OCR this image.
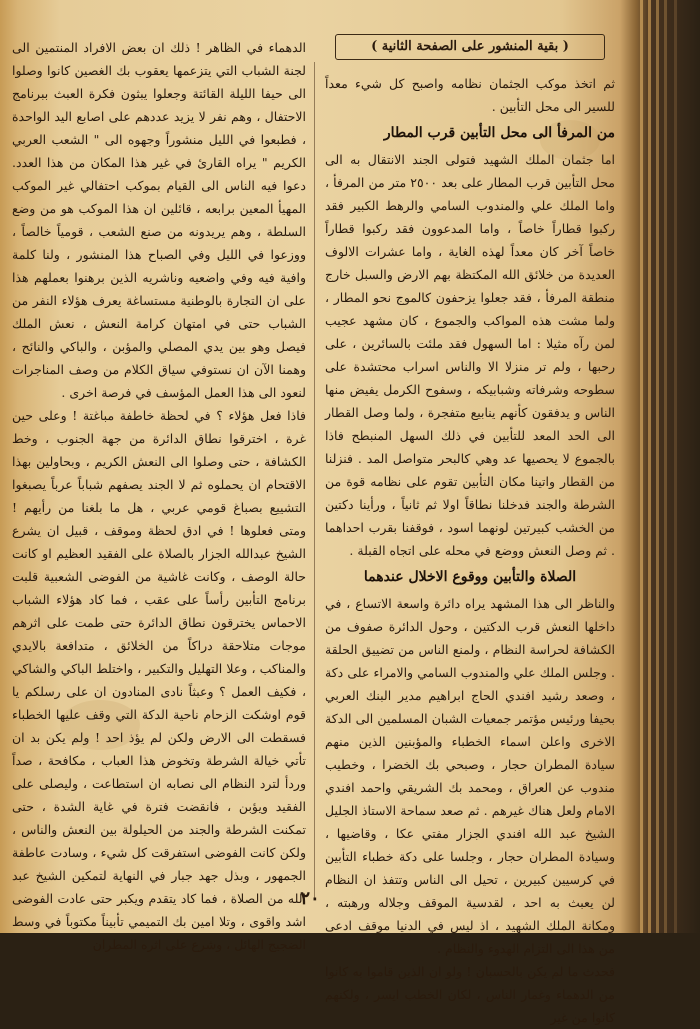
( بقية المنشور على الصفحة الثانية )

ثم اتخذ موكب الجثمان نظامه واصبح كل شيء معداً للسير الى محل التأبين .

من المرفأ الى محل التأبين قرب المطار

اما جثمان الملك الشهيد فتولى الجند الانتقال به الى محل التأبين قرب المطار على بعد ٢٥٠٠ متر من المرفأ ، واما الملك علي والمندوب السامي والرهط الكبير فقد ركبوا قطاراً خاصاً ، واما المدعوون فقد ركبوا قطاراً خاصاً آخر كان معداً لهذه الغاية ، واما عشرات الالوف العديدة من خلائق الله المكتظة بهم الارض والسبل خارج منطقة المرفأ ، فقد جعلوا يزحفون كالموج نحو المطار ، ولما مشت هذه المواكب والجموع ، كان مشهد عجيب لمن رآه مثيلا : اما السهول فقد ملئت بالسائرين ، على رحبها ، ولم تر منزلا الا والناس اسراب محتشدة على سطوحه وشرفاته وشبابيكه ، وسفوح الكرمل يفيض منها الناس و يدفقون كأنهم ينابيع متفجرة ، ولما وصل القطار الى الحد المعد للتأبين في ذلك السهل المنبطح فاذا بالجموع لا يحصيها عد وهي كالبحر متواصل المد . فنزلنا من القطار واتينا مكان التأبين تقوم على نظامه قوة من الشرطة والجند فدخلنا نطاقاً اولا ثم ثانياً ، ورأينا دكتين من الخشب كبيرتين لونهما اسود ، فوقفنا بقرب احداهما . ثم وصل النعش ووضع في محله على اتجاه القبلة .

الصلاة والتأبين ووقوع الاخلال عندهما

والناظر الى هذا المشهد يراه دائرة واسعة الاتساع ، في داخلها النعش قرب الدكتين ، وحول الدائرة صفوف من الكشافة لحراسة النظام ، ولمنع الناس من تضييق الحلقة . وجلس الملك علي والمندوب السامي والامراء على دكة ، وصعد رشيد افندي الحاج ابراهيم مدير البنك العربي بحيفا ورئيس مؤتمر جمعيات الشبان المسلمين الى الدكة الاخرى واعلن اسماء الخطباء والمؤبنين الذين منهم سيادة المطران حجار ، وصبحي بك الخضرا ، وخطيب مندوب عن العراق ، ومحمد بك الشريقي واحمد افندي الامام ولعل هناك غيرهم . ثم صعد سماحة الاستاذ الجليل الشيخ عبد الله افندي الجزار مفتي عكا ، وقاضيها ، وسيادة المطران حجار ، وجلسا على دكة خطباء التأبين في كرسيين كبيرين ، تحيل الى الناس وتتفذ ان النظام لن يعبث به احد ، لقدسية الموقف وجلاله ورهبته ، ومكانة الملك الشهيد ، اذ ليس في الدنيا موقف ادعى من هذا الى التزام الهدوء والنظام .

فحدث ما لم يكن بالحسبان ! ولو ان الذين قاموا به كانوا من الدهماء وغمار الناس ، لكان الخطب ايسر ، ولكنهم كانوا من غير

الدهماء في الظاهر ! ذلك ان بعض الافراد المنتمين الى لجنة الشباب التي يتزعمها يعقوب بك الغصين كانوا وصلوا الى حيفا الليلة القائتة وجعلوا يبثون فكرة العبث ببرنامج الاحتفال ، وهم نفر لا يزيد عددهم على اصابع اليد الواحدة ، فطبعوا في الليل منشوراً وجهوه الى " الشعب العربي الكريم " يراه القارئ في غير هذا المكان من هذا العدد. دعوا فيه الناس الى القيام بموكب احتفالي غير الموكب المهيأ المعين برابعه ، قائلين ان هذا الموكب هو من وضع السلطة ، وهم يريدونه من صنع الشعب ، قومياً خالصاً ، ووزعوا في الليل وفي الصباح هذا المنشور ، ولنا كلمة وافية فيه وفي واضعيه وناشريه الذين برهنوا بعملهم هذا على ان التجارة بالوطنية مستساغة يعرف هؤلاء النفر من الشباب حتى في امتهان كرامة النعش ، نعش الملك فيصل وهو بين يدي المصلي والمؤبن ، والباكي والنائح ، وهمنا الآن ان نستوفي سياق الكلام من وصف المناجرات لنعود الى هذا العمل المؤسف في فرصة اخرى .

فاذا فعل هؤلاء ؟ في لحظة خاطفة مباغتة ! وعلى حين غرة ، اخترقوا نطاق الدائرة من جهة الجنوب ، وخط الكشافة ، حتى وصلوا الى النعش الكريم ، وبحاولين بهذا الاقتحام ان يحملوه ثم لا الجند يصفهم شباباً عرباً يصبغوا التشييع بصباغ قومي عربي ، هل ما بلغنا من رأيهم ! ومتى فعلوها ! في ادق لحظة وموقف ، قبيل ان يشرع الشيخ عبدالله الجزار بالصلاة على الفقيد العظيم او كانت حالة الوصف ، وكانت غاشية من الفوضى الشعبية قلبت برنامج التأبين رأساً على عقب ، فما كاد هؤلاء الشباب الاحماس يخترقون نطاق الدائرة حتى طمت على اثرهم موجات متلاحقة دراكاً من الخلائق ، متدافعة بالايدي والمناكب ، وعلا التهليل والتكبير ، واختلط الباكي والشاكي ، فكيف العمل ؟ وعبثاً نادى المنادون ان على رسلكم يا قوم اوشكت الزحام ناحية الدكة التي وقف عليها الخطباء فسقطت الى الارض ولكن لم يؤذ احد ! ولم يكن بد ان تأتي خيالة الشرطة وتخوض هذا العباب ، مكافحة ، صداً وردأ لترد النظام الى نصابه ان استطاعت ، وليصلى على الفقيد ويؤبن ، فانقضت فترة في غاية الشدة ، حتى تمكنت الشرطة والجند من الحيلولة بين النعش والناس ، ولكن كانت الفوضى استفرقت كل شيء ، وسادت عاطفة الجمهور ، وبذل جهد جبار في النهاية لتمكين الشيخ عبد الله من الصلاة ، فما كاد يتقدم ويكبر حتى عادت الفوضى اشد واقوى ، وتلا امين بك التميمي تأبيناً مكتوباً في وسط الضجيج الهائل ، وشرع على اثره المطران

٢٠
